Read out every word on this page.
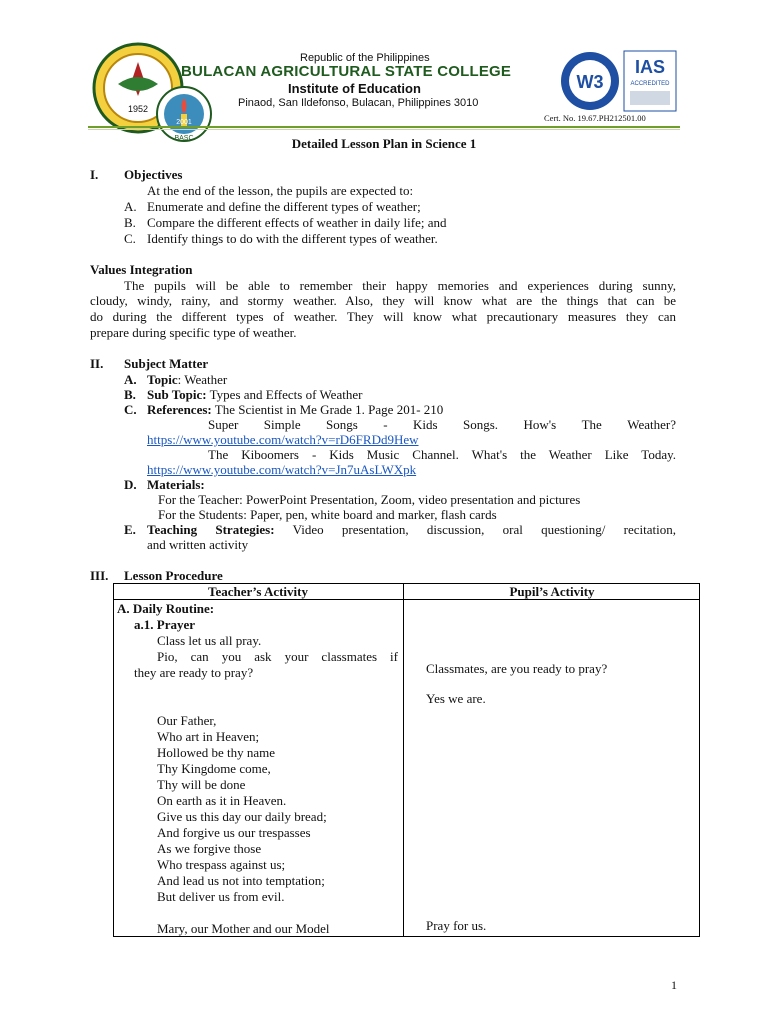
1952
2001
BASC
Republic of the Philippines
BULACAN AGRICULTURAL STATE COLLEGE
Institute of Education
Pinaod, San Ildefonso, Bulacan, Philippines 3010
W3
IAS
ACCREDITED
Cert. No. 19.67.PH212501.00
Detailed Lesson Plan in Science 1
I. Objectives
At the end of the lesson, the pupils are expected to:
A. Enumerate and define the different types of weather;
B. Compare the different effects of weather in daily life; and
C. Identify things to do with the different types of weather.
Values Integration
The pupils will be able to remember their happy memories and experiences during sunny,
cloudy, windy, rainy, and stormy weather. Also, they will know what are the things that can be
do during the different types of weather. They will know what precautionary measures they can
prepare during specific type of weather.
II. Subject Matter
A. Topic: Weather
B. Sub Topic: Types and Effects of Weather
C. References: The Scientist in Me Grade 1. Page 201- 210
Super Simple Songs - Kids Songs. How's The Weather?
https://www.youtube.com/watch?v=rD6FRDd9Hew
The Kiboomers - Kids Music Channel. What's the Weather Like Today.
https://www.youtube.com/watch?v=Jn7uAsLWXpk
D. Materials:
For the Teacher: PowerPoint Presentation, Zoom, video presentation and pictures
For the Students: Paper, pen, white board and marker, flash cards
E. Teaching Strategies: Video presentation, discussion, oral questioning/ recitation,
and written activity
III. Lesson Procedure
Teacher’s Activity	Pupil’s Activity
A. Daily Routine:
a.1. Prayer
Class let us all pray.
Pio, can you ask your classmates if
they are ready to pray?
Our Father,
Who art in Heaven;
Hollowed be thy name
Thy Kingdome come,
Thy will be done
On earth as it in Heaven.
Give us this day our daily bread;
And forgive us our trespasses
As we forgive those
Who trespass against us;
And lead us not into temptation;
But deliver us from evil.
Mary, our Mother and our Model
Classmates, are you ready to pray?
Yes we are.
Pray for us.
1
